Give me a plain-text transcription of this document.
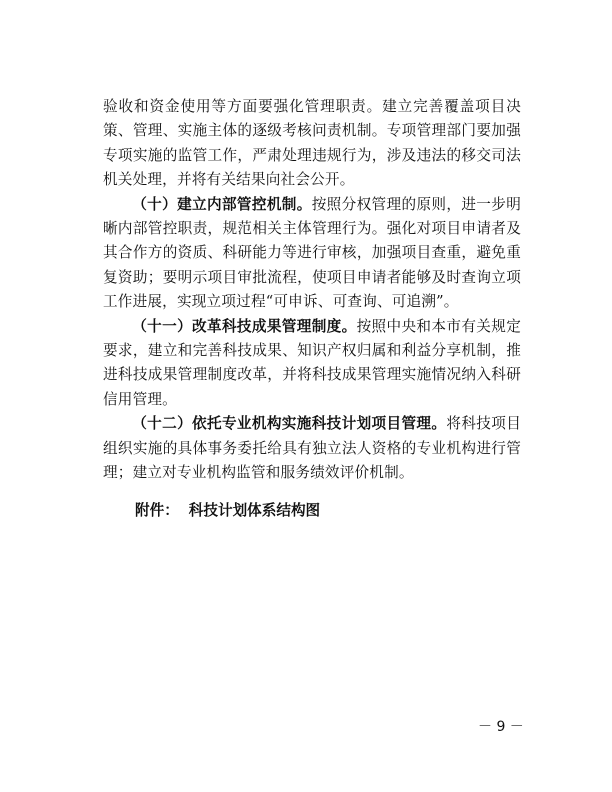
验收和资金使用等方面要强化管理职责。建立完善覆盖项目决策、管理、实施主体的逐级考核问责机制。专项管理部门要加强专项实施的监管工作，严肃处理违规行为，涉及违法的移交司法机关处理，并将有关结果向社会公开。

（十）建立内部管控机制。按照分权管理的原则，进一步明晰内部管控职责，规范相关主体管理行为。强化对项目申请者及其合作方的资质、科研能力等进行审核，加强项目查重，避免重复资助；要明示项目审批流程，使项目申请者能够及时查询立项工作进展，实现立项过程“可申诉、可查询、可追溯”。

（十一）改革科技成果管理制度。按照中央和本市有关规定要求，建立和完善科技成果、知识产权归属和利益分享机制，推进科技成果管理制度改革，并将科技成果管理实施情况纳入科研信用管理。

（十二）依托专业机构实施科技计划项目管理。将科技项目组织实施的具体事务委托给具有独立法人资格的专业机构进行管理；建立对专业机构监管和服务绩效评价机制。

附件： 科技计划体系结构图
－ 9 －
